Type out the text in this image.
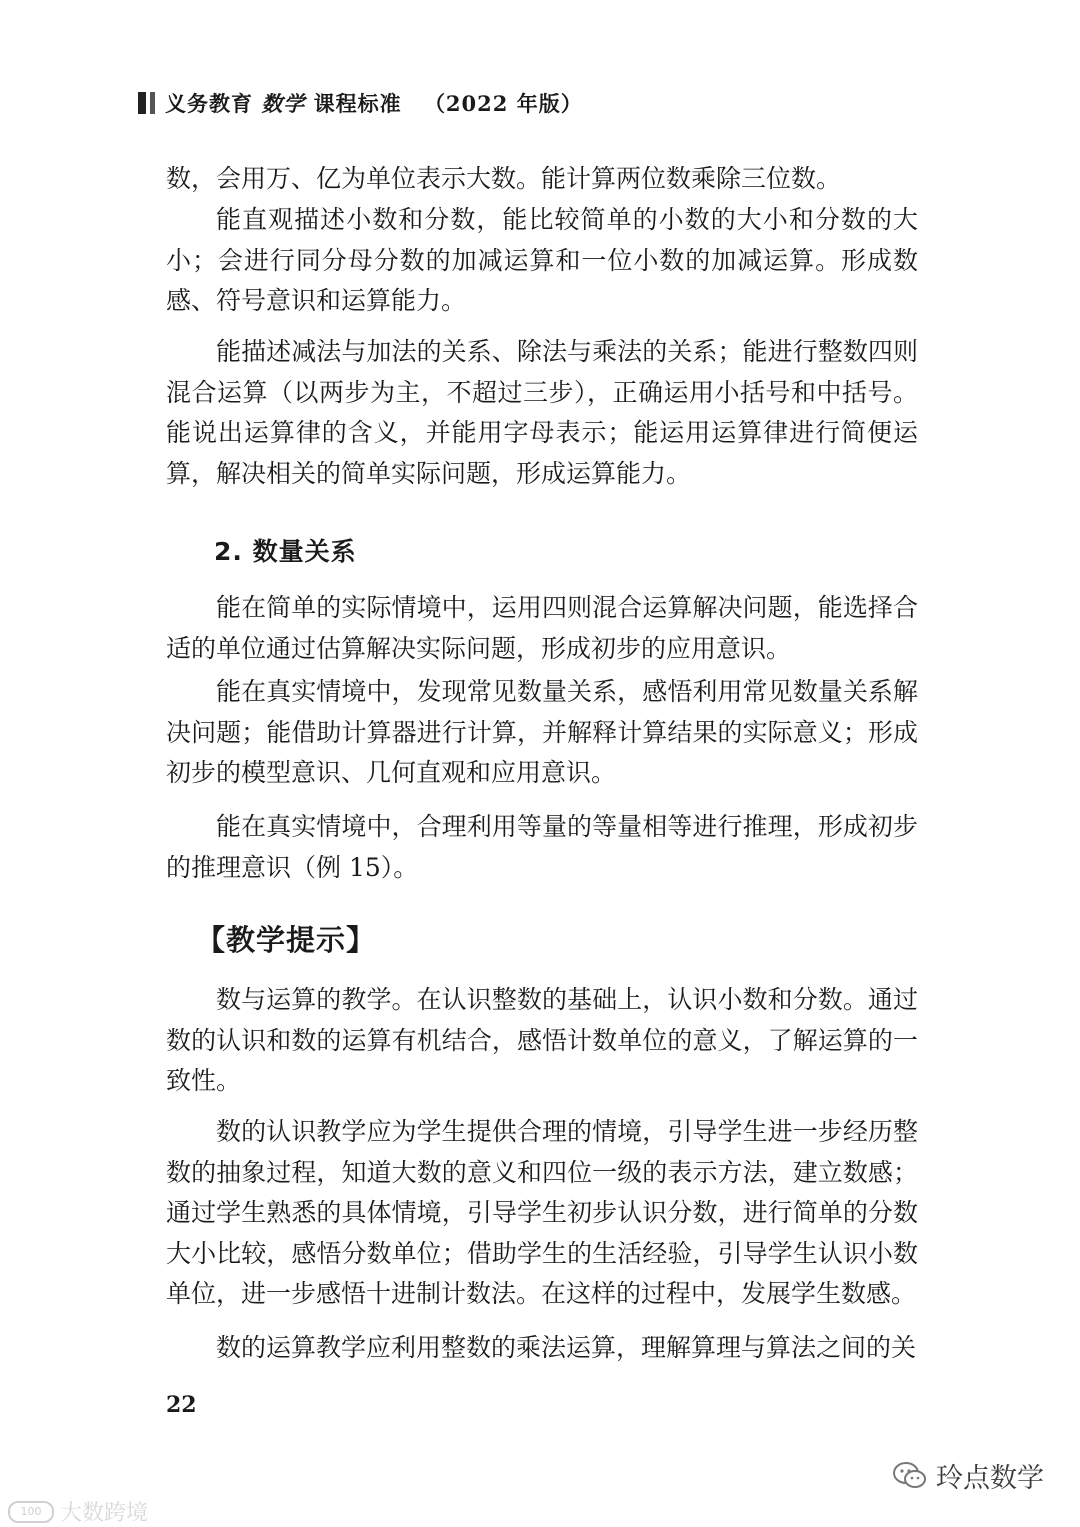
义务教育 数学 课程标准 （2022 年版）

数，会用万、亿为单位表示大数。能计算两位数乘除三位数。

能直观描述小数和分数，能比较简单的小数的大小和分数的大小；会进行同分母分数的加减运算和一位小数的加减运算。形成数感、符号意识和运算能力。

能描述减法与加法的关系、除法与乘法的关系；能进行整数四则混合运算（以两步为主，不超过三步），正确运用小括号和中括号。能说出运算律的含义，并能用字母表示；能运用运算律进行简便运算，解决相关的简单实际问题，形成运算能力。

2. 数量关系

能在简单的实际情境中，运用四则混合运算解决问题，能选择合适的单位通过估算解决实际问题，形成初步的应用意识。

能在真实情境中，发现常见数量关系，感悟利用常见数量关系解决问题；能借助计算器进行计算，并解释计算结果的实际意义；形成初步的模型意识、几何直观和应用意识。

能在真实情境中，合理利用等量的等量相等进行推理，形成初步的推理意识（例 15）。

【教学提示】

数与运算的教学。在认识整数的基础上，认识小数和分数。通过数的认识和数的运算有机结合，感悟计数单位的意义，了解运算的一致性。

数的认识教学应为学生提供合理的情境，引导学生进一步经历整数的抽象过程，知道大数的意义和四位一级的表示方法，建立数感；通过学生熟悉的具体情境，引导学生初步认识分数，进行简单的分数大小比较，感悟分数单位；借助学生的生活经验，引导学生认识小数单位，进一步感悟十进制计数法。在这样的过程中，发展学生数感。

数的运算教学应利用整数的乘法运算，理解算理与算法之间的关

22
100 大数跨境
玲点数学
